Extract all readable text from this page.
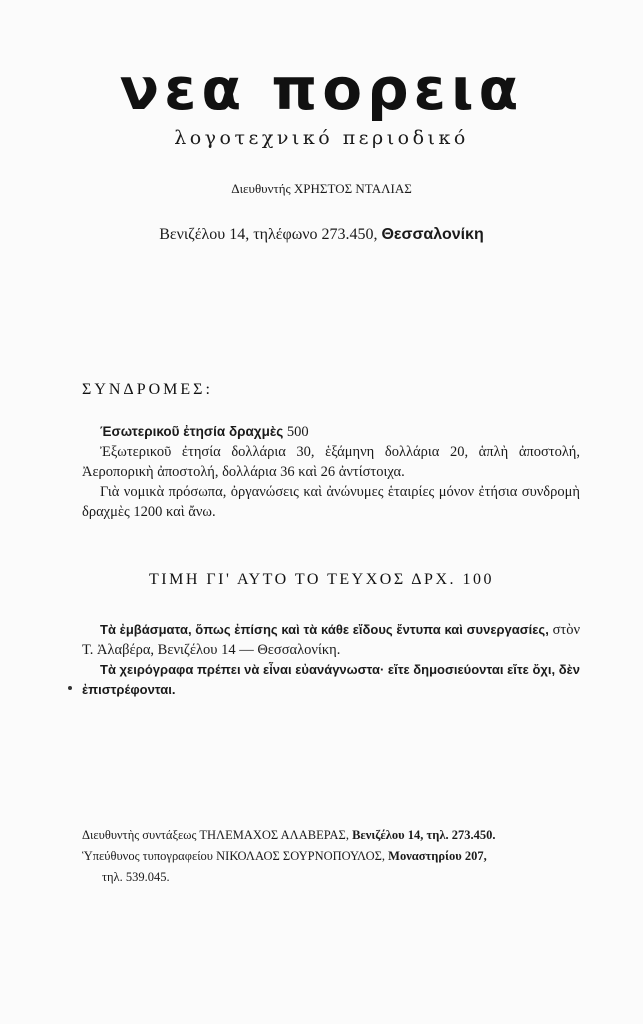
νεα πορεια
λογοτεχνικό περιοδικό
Διευθυντής ΧΡΗΣΤΟΣ ΝΤΑΛΙΑΣ
Βενιζέλου 14, τηλέφωνο 273.450, Θεσσαλονίκη
ΣΥΝΔΡΟΜΕΣ:

Έσωτερικοῦ ἐτησία δραχμὲς 500

Ἐξωτερικοῦ ἐτησία δολλάρια 30, ἑξάμηνη δολλάρια 20, ἁπλὴ ἀποστολή, Ἀεροπορικὴ ἀποστολή, δολλάρια 36 καὶ 26 ἀντίστοιχα.

Γιὰ νομικὰ πρόσωπα, ὀργανώσεις καὶ ἀνώνυμες ἑταιρίες μόνον ἐτήσια συνδρομὴ δραχμὲς 1200 καὶ ἄνω.

ΤΙΜΗ ΓΙ' ΑΥΤΟ ΤΟ ΤΕΥΧΟΣ ΔΡΧ. 100

Τὰ ἐμβάσματα, ὅπως ἐπίσης καὶ τὰ κάθε εἴδους ἔντυπα καὶ συνεργασίες, στὸν Τ. Ἀλαβέρα, Βενιζέλου 14 — Θεσσαλονίκη.

Τὰ χειρόγραφα πρέπει νὰ εἶναι εὐανάγνωστα· εἴτε δημοσιεύονται εἴτε ὄχι, δὲν ἐπιστρέφονται.

Διευθυντὴς συντάξεως ΤΗΛΕΜΑΧΟΣ ΑΛΑΒΕΡΑΣ, Βενιζέλου 14, τηλ. 273.450.

Ὑπεύθυνος τυπογραφείου ΝΙΚΟΛΑΟΣ ΣΟΥΡΝΟΠΟΥΛΟΣ, Μοναστηρίου 207,

τηλ. 539.045.
